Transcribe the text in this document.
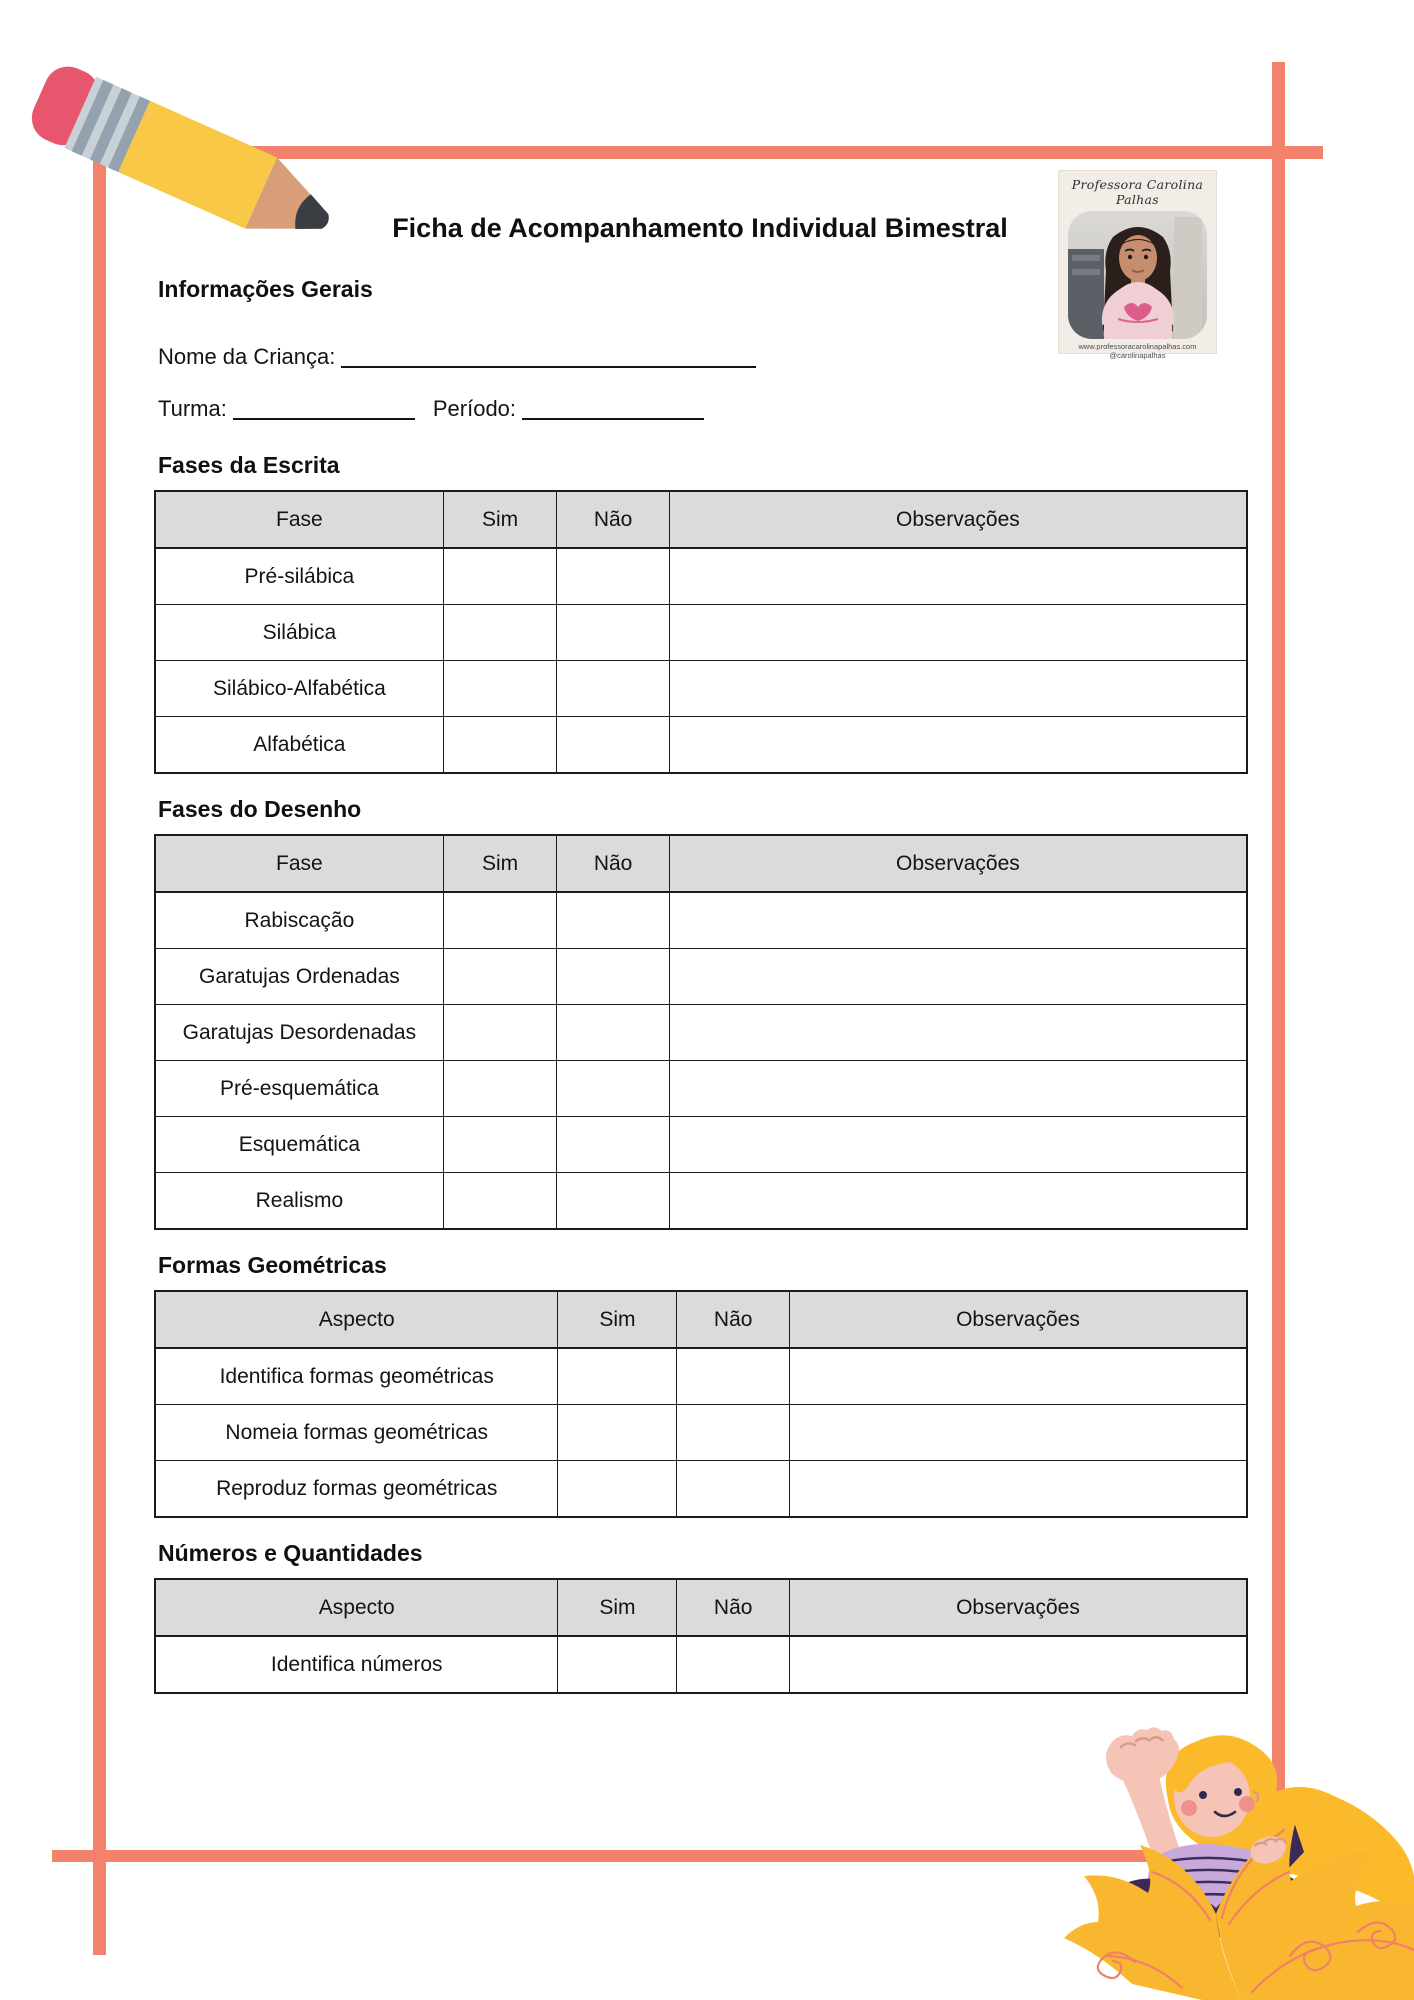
Ficha de Acompanhamento Individual Bimestral
Professora Carolina Palhas
www.professoracarolinapalhas.com
@carolinapalhas
Informações Gerais
Nome da Criança:
Turma:	Período:
Fases da Escrita
Fase	Sim	Não	Observações
Pré-silábica			
Silábica			
Silábico-Alfabética			
Alfabética			
Fases do Desenho
Fase	Sim	Não	Observações
Rabiscação			
Garatujas Ordenadas			
Garatujas Desordenadas			
Pré-esquemática			
Esquemática			
Realismo			
Formas Geométricas
Aspecto	Sim	Não	Observações
Identifica formas geométricas			
Nomeia formas geométricas			
Reproduz formas geométricas			
Números e Quantidades
Aspecto	Sim	Não	Observações
Identifica números			
